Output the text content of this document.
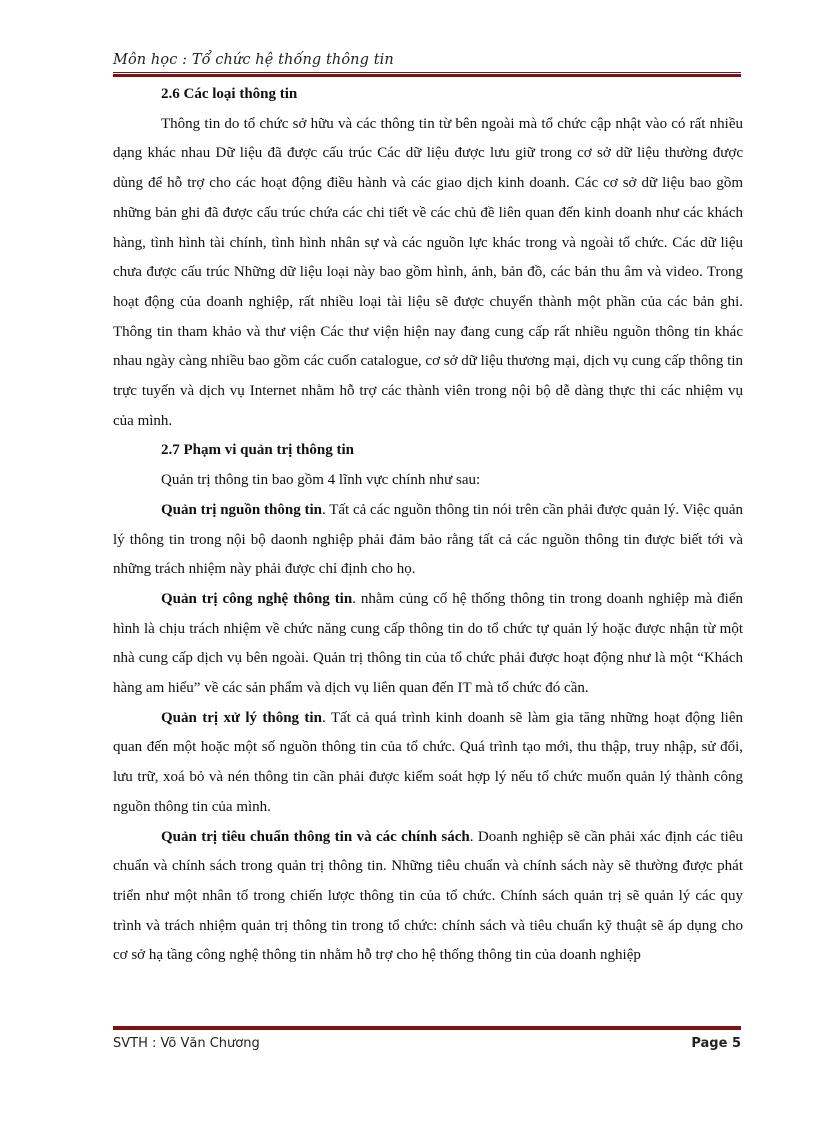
Môn học : Tổ chức hệ thống thông tin

2.6 Các loại thông tin

Thông tin do tổ chức sở hữu và các thông tin từ bên ngoài mà tổ chức cập nhật vào có rất nhiều dạng khác nhau Dữ liệu đã được cấu trúc Các dữ liệu được lưu giữ trong cơ sở dữ liệu thường được dùng để hỗ trợ cho các hoạt động điều hành và các giao dịch kinh doanh. Các cơ sở dữ liệu bao gồm những bản ghi đã được cấu trúc chứa các chi tiết về các chủ đề liên quan đến kinh doanh như các khách hàng, tình hình tài chính, tình hình nhân sự và các nguồn lực khác trong và ngoài tổ chức. Các dữ liệu chưa được cấu trúc Những dữ liệu loại này bao gồm hình, ảnh, bản đồ, các bản thu âm và video. Trong hoạt động của doanh nghiệp, rất nhiều loại tài liệu sẽ được chuyển thành một phần của các bản ghi. Thông tin tham khảo và thư viện Các thư viện hiện nay đang cung cấp rất nhiều nguồn thông tin khác nhau ngày càng nhiều bao gồm các cuốn catalogue, cơ sở dữ liệu thương mại, dịch vụ cung cấp thông tin trực tuyến và dịch vụ Internet nhằm hỗ trợ các thành viên trong nội bộ dễ dàng thực thi các nhiệm vụ của mình.

2.7 Phạm vi quản trị thông tin

Quản trị thông tin bao gồm 4 lĩnh vực chính như sau:

Quản trị nguồn thông tin. Tất cả các nguồn thông tin nói trên cần phải được quản lý. Việc quản lý thông tin trong nội bộ daonh nghiệp phải đảm bảo rằng tất cả các nguồn thông tin được biết tới và những trách nhiệm này phải được chỉ định cho họ.

Quản trị công nghệ thông tin. nhằm củng cố hệ thống thông tin trong doanh nghiệp mà điển hình là chịu trách nhiệm về chức năng cung cấp thông tin do tổ chức tự quản lý hoặc được nhận từ một nhà cung cấp dịch vụ bên ngoài. Quản trị thông tin của tổ chức phải được hoạt động như là một “Khách hàng am hiểu” về các sản phẩm và dịch vụ liên quan đến IT mà tổ chức đó cần.

Quản trị xử lý thông tin. Tất cả quá trình kinh doanh sẽ làm gia tăng những hoạt động liên quan đến một hoặc một số nguồn thông tin của tổ chức. Quá trình tạo mới, thu thập, truy nhập, sử đổi, lưu trữ, xoá bỏ và nén thông tin cần phải được kiểm soát hợp lý nếu tổ chức muốn quản lý thành công nguồn thông tin của mình.

Quản trị tiêu chuẩn thông tin và các chính sách. Doanh nghiệp sẽ cần phải xác định các tiêu chuẩn và chính sách trong quản trị thông tin. Những tiêu chuẩn và chính sách này sẽ thường được phát triển như một nhân tố trong chiến lược thông tin của tổ chức. Chính sách quản trị sẽ quản lý các quy trình và trách nhiệm quản trị thông tin trong tổ chức: chính sách và tiêu chuẩn kỹ thuật sẽ áp dụng cho cơ sở hạ tầng công nghệ thông tin nhằm hỗ trợ cho hệ thống thông tin của doanh nghiệp

SVTH : Võ Văn Chương	Page 5
